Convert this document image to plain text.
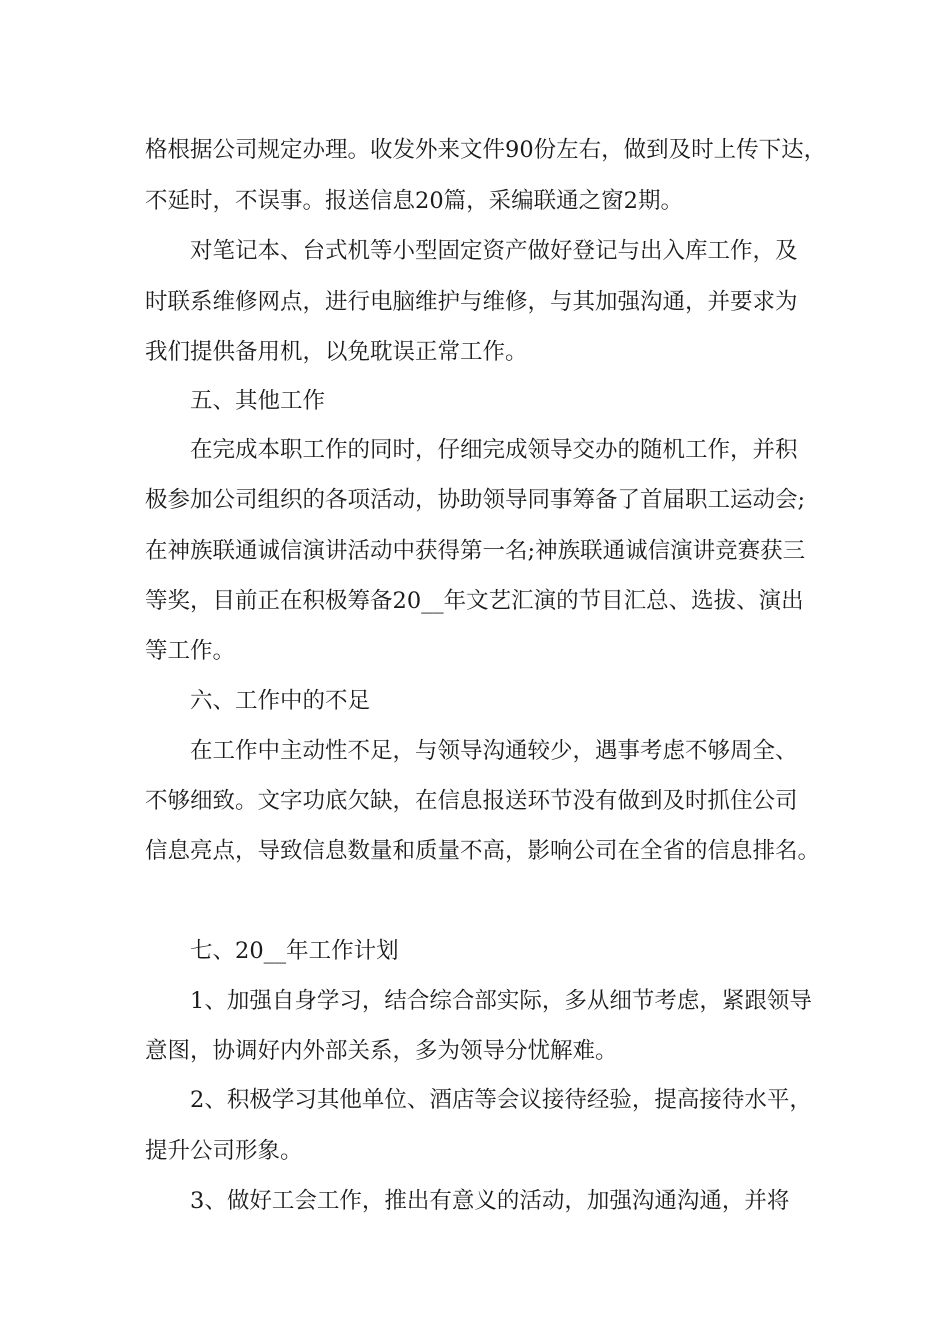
格根据公司规定办理。收发外来文件90份左右，做到及时上传下达，
不延时，不误事。报送信息20篇，采编联通之窗2期。
对笔记本、台式机等小型固定资产做好登记与出入库工作，及
时联系维修网点，进行电脑维护与维修，与其加强沟通，并要求为
我们提供备用机，以免耽误正常工作。
五、其他工作
在完成本职工作的同时，仔细完成领导交办的随机工作，并积
极参加公司组织的各项活动，协助领导同事筹备了首届职工运动会;
在神族联通诚信演讲活动中获得第一名;神族联通诚信演讲竞赛获三
等奖，目前正在积极筹备20__年文艺汇演的节目汇总、选拔、演出
等工作。
六、工作中的不足
在工作中主动性不足，与领导沟通较少，遇事考虑不够周全、
不够细致。文字功底欠缺，在信息报送环节没有做到及时抓住公司
信息亮点，导致信息数量和质量不高，影响公司在全省的信息排名。
七、20__年工作计划
1、加强自身学习，结合综合部实际，多从细节考虑，紧跟领导
意图，协调好内外部关系，多为领导分忧解难。
2、积极学习其他单位、酒店等会议接待经验，提高接待水平，
提升公司形象。
3、做好工会工作，推出有意义的活动，加强沟通沟通，并将
